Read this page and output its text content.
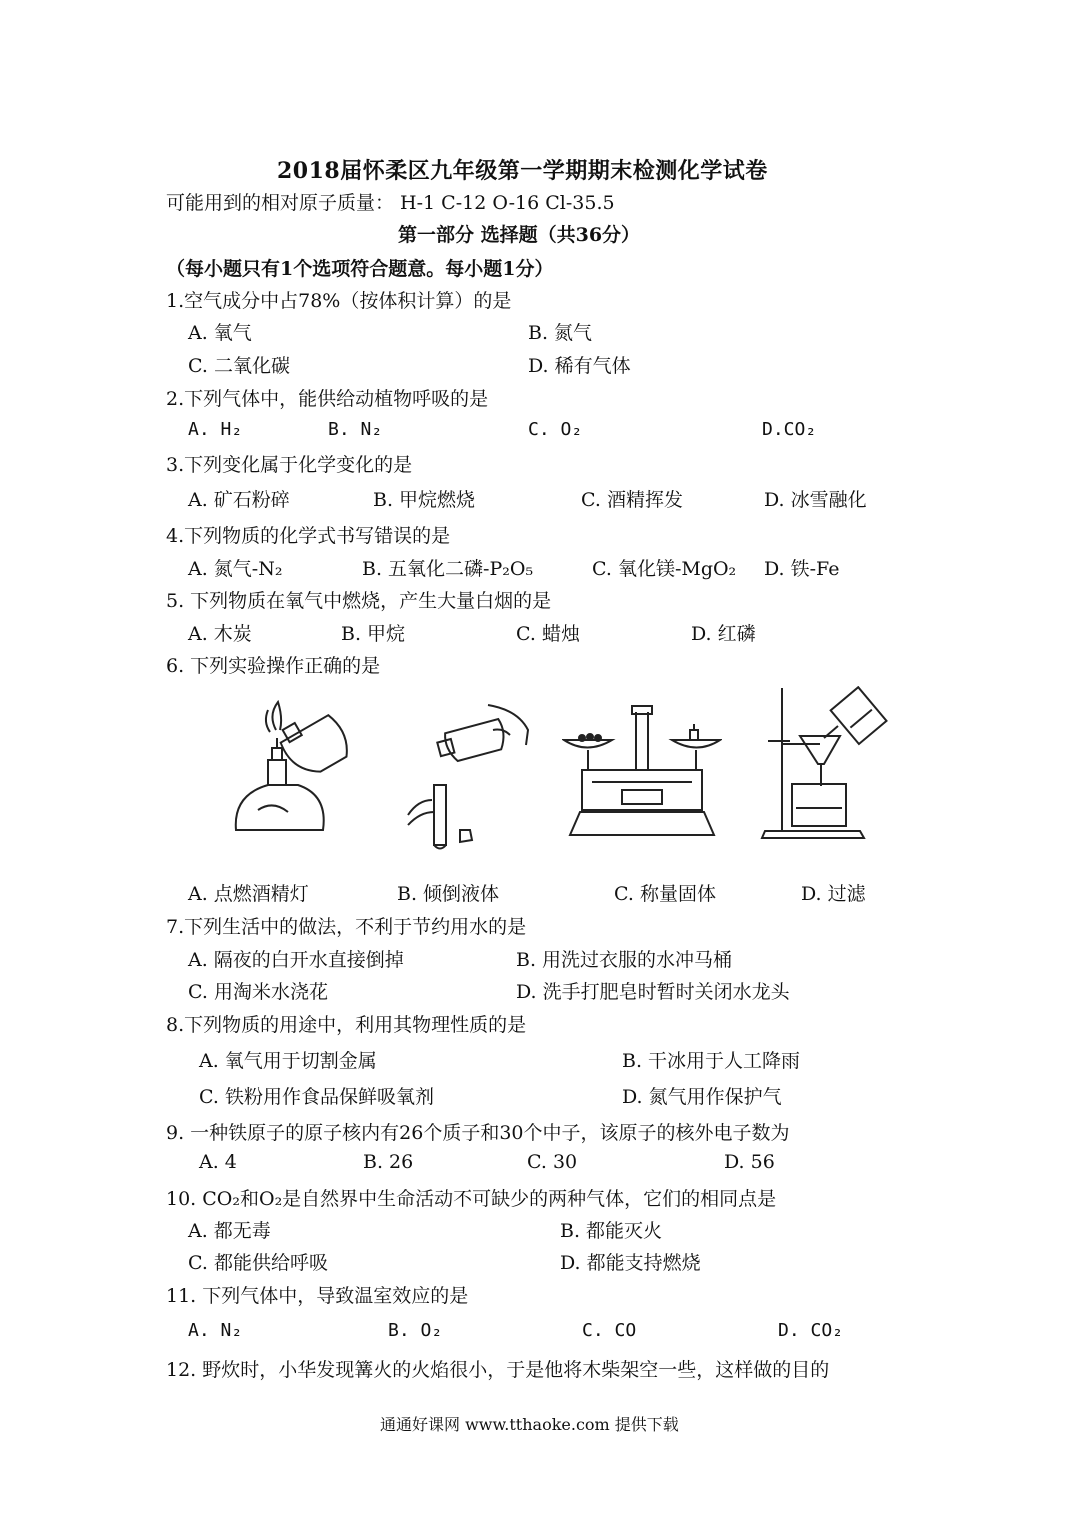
2018届怀柔区九年级第一学期期末检测化学试卷
可能用到的相对原子质量： H-1 C-12 O-16 Cl-35.5
第一部分 选择题（共36分）
（每小题只有1个选项符合题意。每小题1分）
1.空气成分中占78%（按体积计算）的是
A. 氧气	B. 氮气
C. 二氧化碳	D. 稀有气体
2.下列气体中，能供给动植物呼吸的是
A. H₂	B. N₂	C. O₂	D.CO₂
3.下列变化属于化学变化的是
A. 矿石粉碎	B. 甲烷燃烧	C. 酒精挥发	D. 冰雪融化
4.下列物质的化学式书写错误的是
A. 氮气-N₂	B. 五氧化二磷-P₂O₅	C. 氧化镁-MgO₂ D. 铁-Fe
5. 下列物质在氧气中燃烧，产生大量白烟的是
A. 木炭	B. 甲烷	C. 蜡烛	D. 红磷
6. 下列实验操作正确的是
A. 点燃酒精灯	B. 倾倒液体	C. 称量固体	D. 过滤
7.下列生活中的做法，不利于节约用水的是
A. 隔夜的白开水直接倒掉	B. 用洗过衣服的水冲马桶
C. 用淘米水浇花	D. 洗手打肥皂时暂时关闭水龙头
8.下列物质的用途中，利用其物理性质的是
A. 氧气用于切割金属	B. 干冰用于人工降雨
C. 铁粉用作食品保鲜吸氧剂	D. 氮气用作保护气
9. 一种铁原子的原子核内有26个质子和30个中子，该原子的核外电子数为
A. 4	B. 26	C. 30	D. 56
10. CO₂和O₂是自然界中生命活动不可缺少的两种气体，它们的相同点是
A. 都无毒	B. 都能灭火
C. 都能供给呼吸	D. 都能支持燃烧
11. 下列气体中，导致温室效应的是
A. N₂	B. O₂	C. CO	D. CO₂
12. 野炊时，小华发现篝火的火焰很小，于是他将木柴架空一些，这样做的目的
通通好课网 www.tthaoke.com 提供下载
